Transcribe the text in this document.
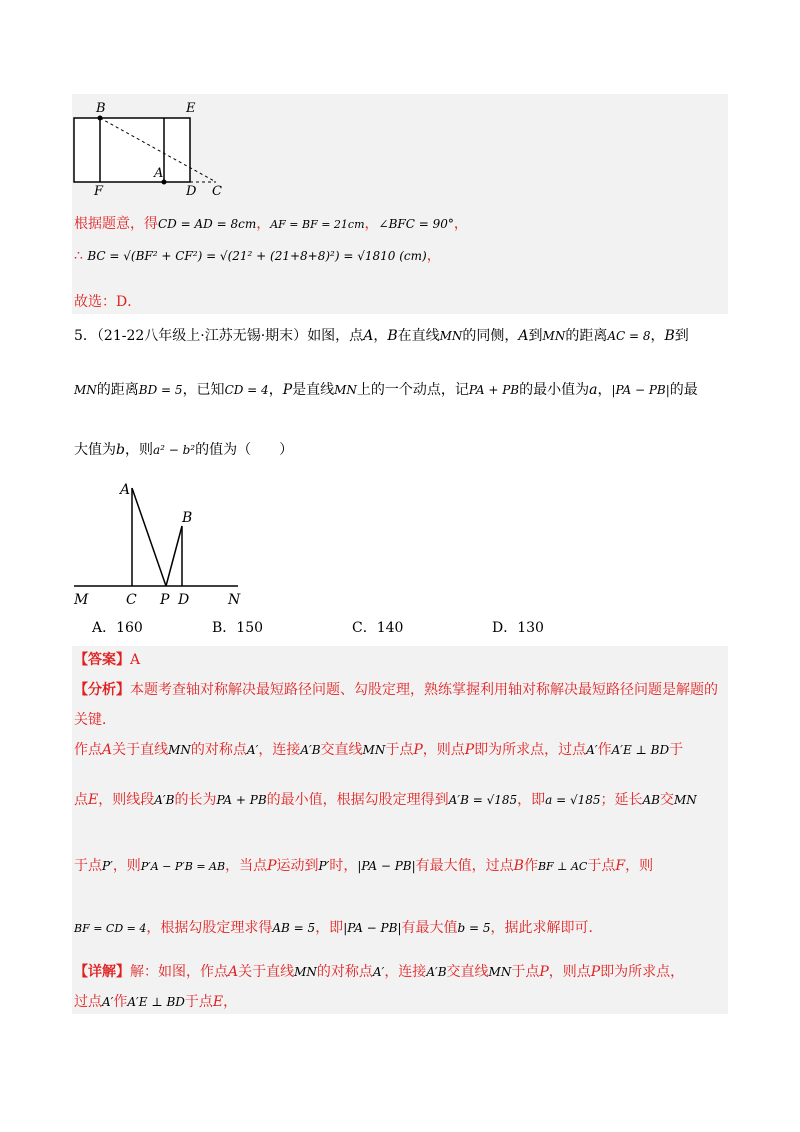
B	E
F
A
D C
根据题意，得CD = AD = 8cm，AF = BF = 21cm，∠BFC = 90°，
∴ BC = √(BF² + CF²) = √(21² + (21+8+8)²) = √1810 (cm)，
故选：D．
5．（21-22八年级上·江苏无锡·期末）如图，点A，B在直线MN的同侧，A到MN的距离AC = 8，B到
MN的距离BD = 5，已知CD = 4，P是直线MN上的一个动点，记PA + PB的最小值为a，|PA − PB|的最
大值为b，则a² − b²的值为（　　）
A
B
M	C P D	N
A．160	B．150	C．140	D．130
【答案】A
【分析】本题考查轴对称解决最短路径问题、勾股定理，熟练掌握利用轴对称解决最短路径问题是解题的
关键．
作点A关于直线MN的对称点A′，连接A′B交直线MN于点P，则点P即为所求点，过点A′作A′E ⊥ BD于
点E，则线段A′B的长为PA + PB的最小值，根据勾股定理得到A′B = √185，即a = √185；延长AB交MN
于点P′，则P′A − P′B = AB，当点P运动到P′时，|PA − PB|有最大值，过点B作BF ⊥ AC于点F，则
BF = CD = 4，根据勾股定理求得AB = 5，即|PA − PB|有最大值b = 5，据此求解即可．
【详解】解：如图，作点A关于直线MN的对称点A′，连接A′B交直线MN于点P，则点P即为所求点，
过点A′作A′E ⊥ BD于点E，
